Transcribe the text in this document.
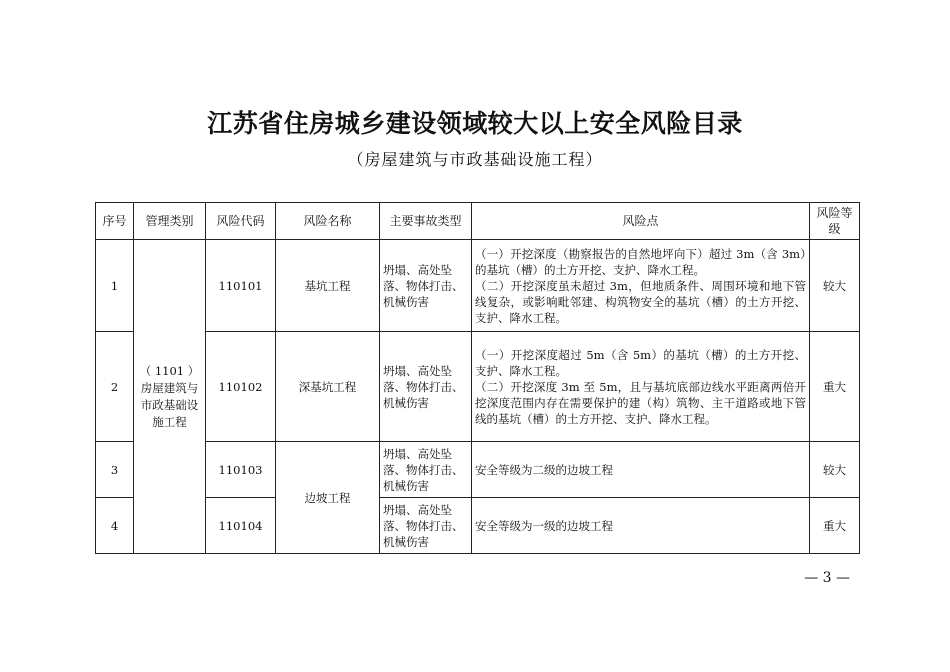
江苏省住房城乡建设领域较大以上安全风险目录
（房屋建筑与市政基础设施工程）
序号	管理类别	风险代码	风险名称	主要事故类型	风险点	风险等级
1	（ 1101 ）房屋建筑与市政基础设施工程	110101	基坑工程	坍塌、高处坠落、物体打击、机械伤害	（一）开挖深度（勘察报告的自然地坪向下）超过 3m（含 3m）的基坑（槽）的土方开挖、支护、降水工程。
（二）开挖深度虽未超过 3m，但地质条件、周围环境和地下管线复杂，或影响毗邻建、构筑物安全的基坑（槽）的土方开挖、支护、降水工程。	较大
2		110102	深基坑工程	坍塌、高处坠落、物体打击、机械伤害	（一）开挖深度超过 5m（含 5m）的基坑（槽）的土方开挖、支护、降水工程。
（二）开挖深度 3m 至 5m，且与基坑底部边线水平距离两倍开挖深度范围内存在需要保护的建（构）筑物、主干道路或地下管线的基坑（槽）的土方开挖、支护、降水工程。	重大
3		110103	边坡工程	坍塌、高处坠落、物体打击、机械伤害	安全等级为二级的边坡工程	较大
4		110104		坍塌、高处坠落、物体打击、机械伤害	安全等级为一级的边坡工程	重大
— 3 —
